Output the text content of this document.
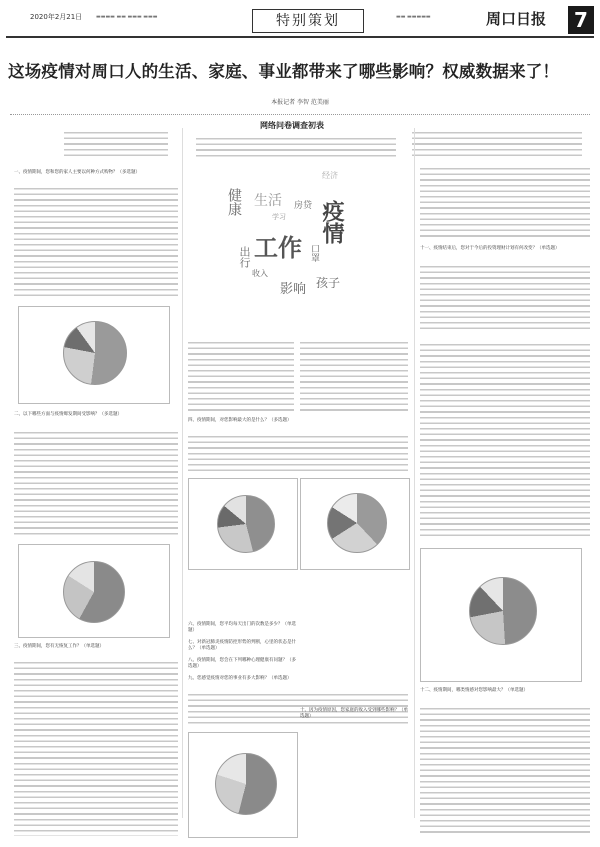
2020年2月21日	▬▬▬▬ ▬▬ ▬▬▬ ▬▬▬	特别策划	▬▬ ▬▬▬▬▬	周口日报	7
这场疫情对周口人的生活、家庭、事业都带来了哪些影响？权威数据来了！
本报记者 李智 范美丽
网络问卷调查初表
一、疫情期间，您和您的家人主要以何种方式购物？（多选题）
二、以下哪些方面与疫情爆发期间受影响？（多选题）
三、疫情期间，您有无恢复工作？（单选题）
工作
疫情
健康 生活 房贷
孩子
影响
经济
学习
收入
口罩
出行
四、疫情期间，对您影响最大的是什么？（多选题）
六、疫情期间，您平均每天出门的次数是多少？（单选题）
七、对新冠肺炎疫情防控形势的判断，心里的状态是什么？（单选题）
八、疫情期间，您会在下列哪种心理健康有问题？（多选题）
九、您感觉疫情对您的事业有多大影响？（单选题）
十、因为疫情原因，您家庭的收入受到哪些影响？（单选题）
十一、疫情结束后，您对于今后的投资理财计划有何改变？（单选题）
十二、疫情期间，哪类情感对您影响最大？（单选题）
